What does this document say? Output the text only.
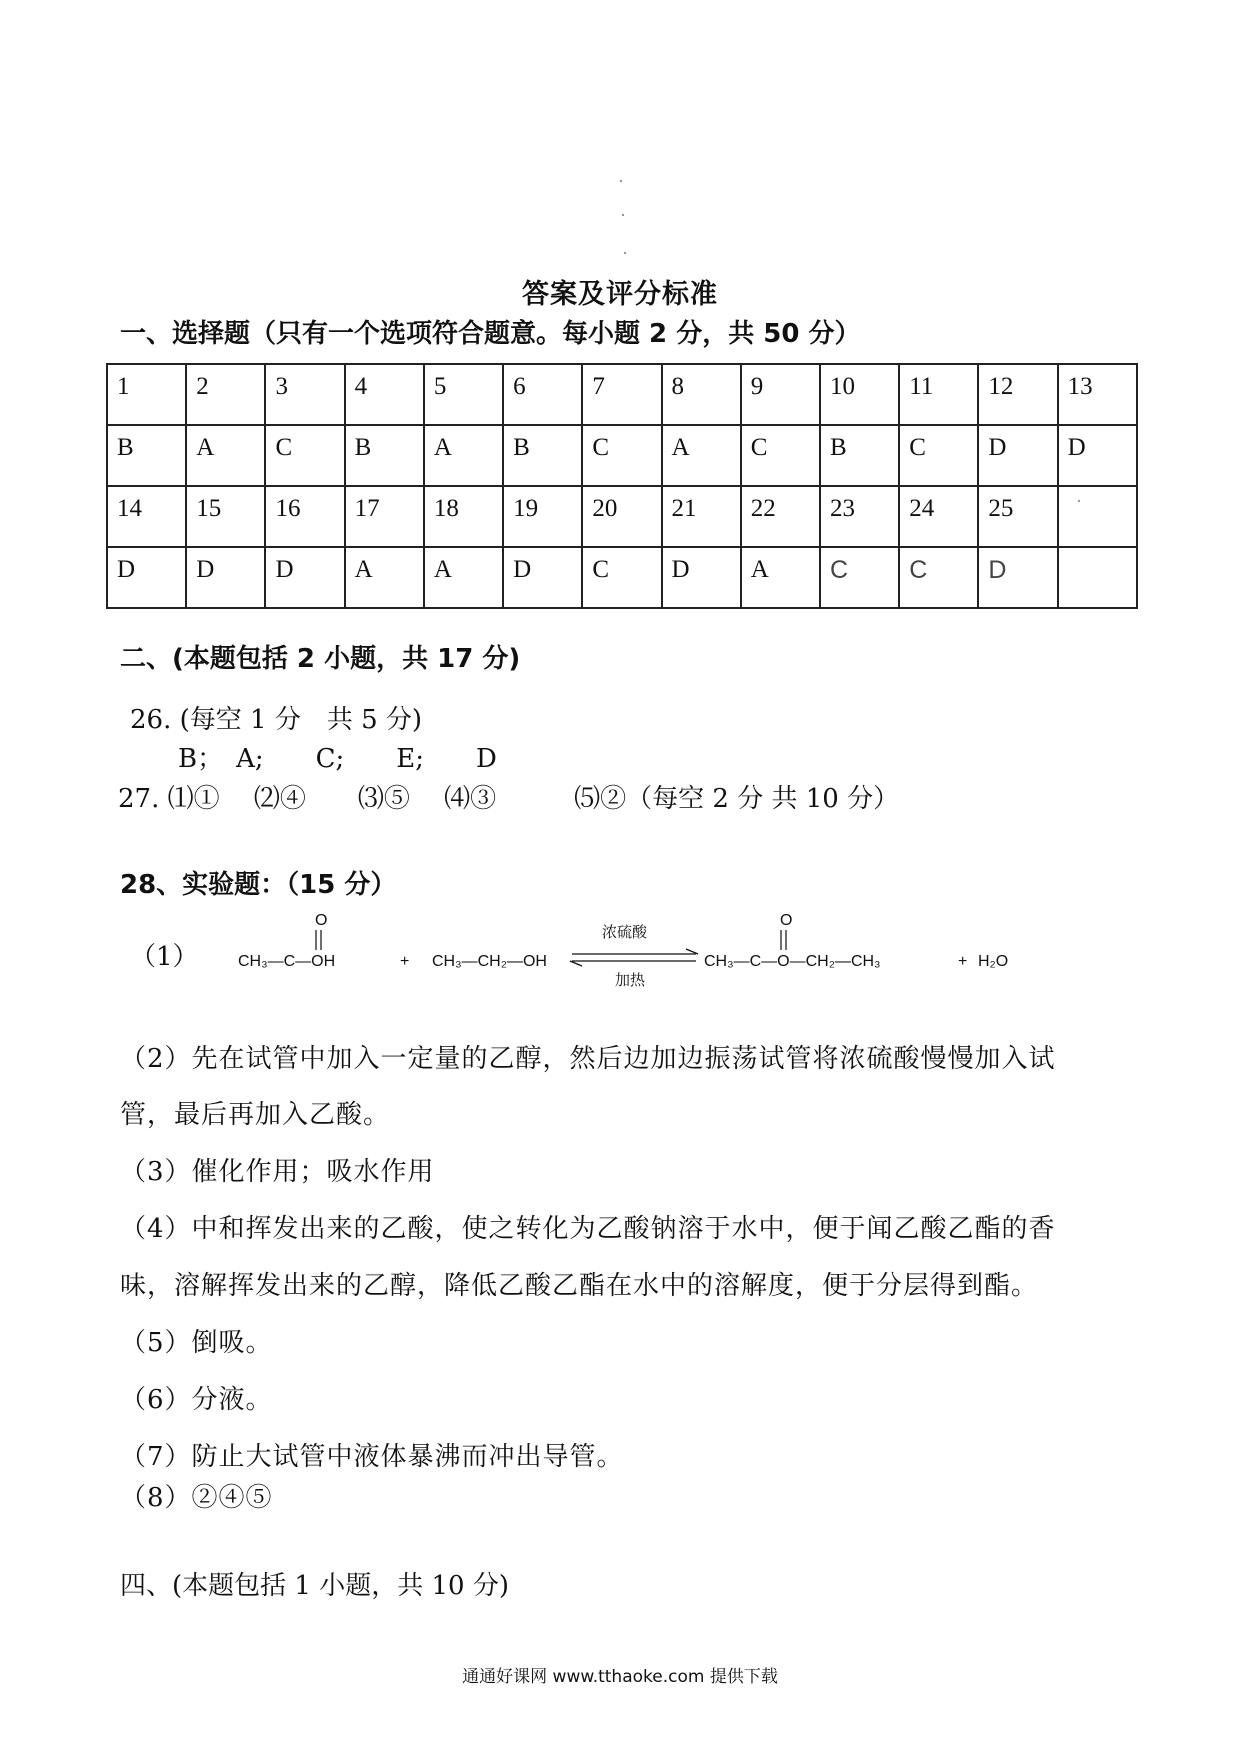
答案及评分标准
一、选择题（只有一个选项符合题意。每小题 2 分，共 50 分）
1	2	3	4	5	6	7	8	9	10	11	12	13
B	A	C	B	A	B	C	A	C	B	C	D	D
14	15	16	17	18	19	20	21	22	23	24	25	
D	D	D	A	A	D	C	D	A	C	C	D	
二、(本题包括 2 小题，共 17 分)
26. (每空 1 分　共 5 分)
B；　A;　　C;　　E;　　D
27. ⑴①　 ⑵④　　⑶⑤　 ⑷③　　　⑸②（每空 2 分 共 10 分）
28、实验题：（15 分）
（1）
O
CH₃—C—OH	+ CH₃—CH₂—OH
浓硫酸
加热
O
CH₃—C—O—CH₂—CH₃	+ H₂O
（2）先在试管中加入一定量的乙醇，然后边加边振荡试管将浓硫酸慢慢加入试
管，最后再加入乙酸。
（3）催化作用；吸水作用
（4）中和挥发出来的乙酸，使之转化为乙酸钠溶于水中，便于闻乙酸乙酯的香
味，溶解挥发出来的乙醇，降低乙酸乙酯在水中的溶解度，便于分层得到酯。
（5）倒吸。
（6）分液。
（7）防止大试管中液体暴沸而冲出导管。
（8）②④⑤
四、(本题包括 1 小题，共 10 分)
通通好课网 www.tthaoke.com 提供下载
